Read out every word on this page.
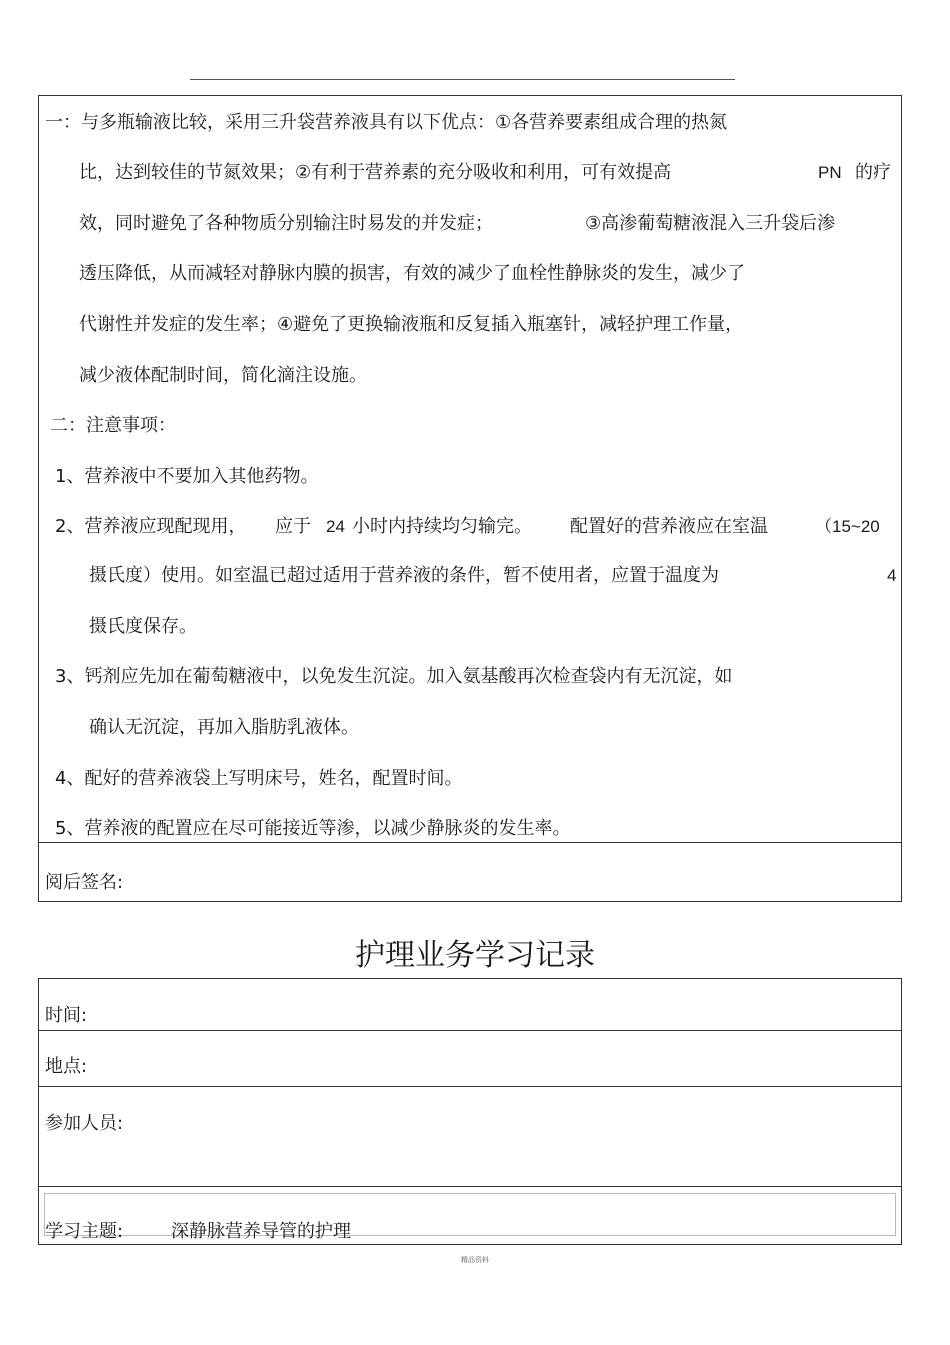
一：与多瓶输液比较，采用三升袋营养液具有以下优点：①各营养要素组成合理的热氮
比，达到较佳的节氮效果；②有利于营养素的充分吸收和利用，可有效提高	PN 的疗
效，同时避免了各种物质分别输注时易发的并发症；	③高渗葡萄糖液混入三升袋后渗
透压降低，从而减轻对静脉内膜的损害，有效的减少了血栓性静脉炎的发生，减少了
代谢性并发症的发生率；④避免了更换输液瓶和反复插入瓶塞针，减轻护理工作量，
减少液体配制时间，简化滴注设施。
二：注意事项：
1、营养液中不要加入其他药物。
2、营养液应现配现用， 应于 24 小时内持续均匀输完。 配置好的营养液应在室温	（15~20
摄氏度）使用。如室温已超过适用于营养液的条件，暂不使用者，应置于温度为	4
摄氏度保存。
3、钙剂应先加在葡萄糖液中，以免发生沉淀。加入氨基酸再次检查袋内有无沉淀，如
确认无沉淀，再加入脂肪乳液体。
4、配好的营养液袋上写明床号，姓名，配置时间。
5、营养液的配置应在尽可能接近等渗，以减少静脉炎的发生率。
阅后签名:
护理业务学习记录
时间:
地点:
参加人员:
学习主题:	深静脉营养导管的护理
精品资料
